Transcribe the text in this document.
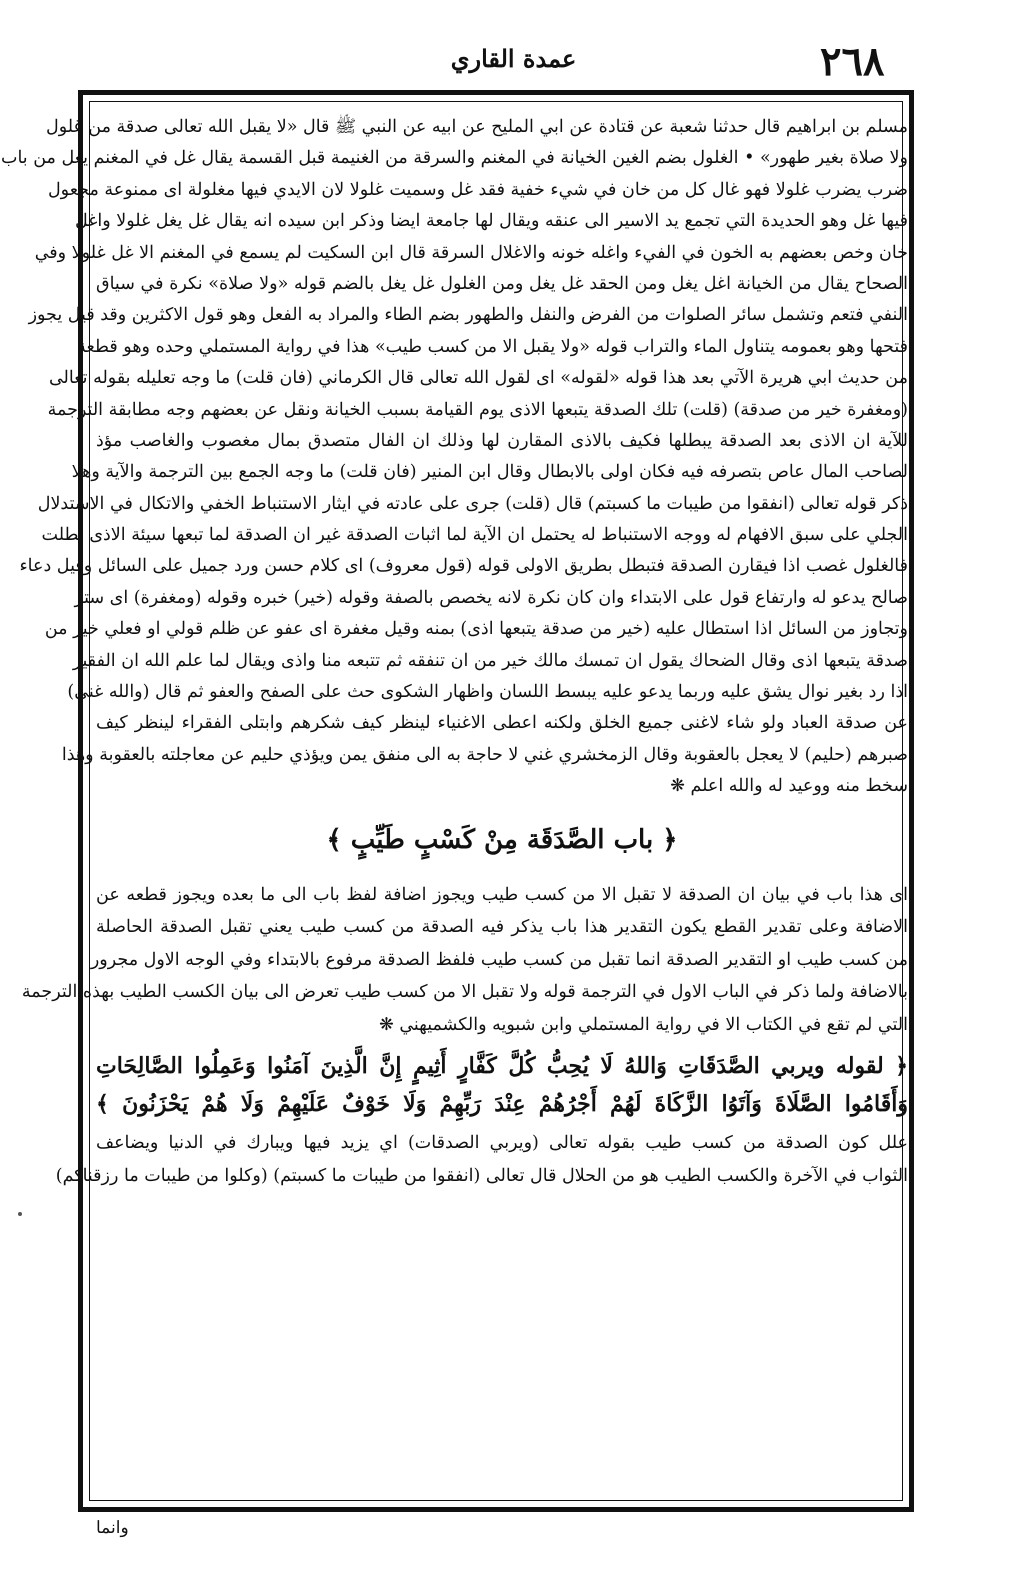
عمدة القاري	٢٦٨
مسلم بن ابراهيم قال حدثنا شعبة عن قتادة عن ابي المليح عن ابيه عن النبي ﷺ قال «لا يقبل الله تعالى صدقة من غلول
ولا صلاة بغير طهور» • الغلول بضم الغين الخيانة في المغنم والسرقة من الغنيمة قبل القسمة يقال غل في المغنم يغل من باب
ضرب يضرب غلولا فهو غال كل من خان في شيء خفية فقد غل وسميت غلولا لان الايدي فيها مغلولة اى ممنوعة مجعول
فيها غل وهو الحديدة التي تجمع يد الاسير الى عنقه ويقال لها جامعة ايضا وذكر ابن سيده انه يقال غل يغل غلولا واغل
خان وخص بعضهم به الخون في الفيء واغله خونه والاغلال السرقة قال ابن السكيت لم يسمع في المغنم الا غل غلولا وفي
الصحاح يقال من الخيانة اغل يغل ومن الحقد غل يغل ومن الغلول غل يغل بالضم قوله «ولا صلاة» نكرة في سياق
النفي فتعم وتشمل سائر الصلوات من الفرض والنفل والطهور بضم الطاء والمراد به الفعل وهو قول الاكثرين وقد قيل يجوز
فتحها وهو بعمومه يتناول الماء والتراب قوله «ولا يقبل الا من كسب طيب» هذا في رواية المستملي وحده وهو قطعة
من حديث ابي هريرة الآتي بعد هذا قوله «لقوله» اى لقول الله تعالى قال الكرماني (فان قلت) ما وجه تعليله بقوله تعالى
(ومغفرة خير من صدقة) (قلت) تلك الصدقة يتبعها الاذى يوم القيامة بسبب الخيانة ونقل عن بعضهم وجه مطابقة الترجمة
للآية ان الاذى بعد الصدقة يبطلها فكيف بالاذى المقارن لها وذلك ان الفال متصدق بمال مغصوب والغاصب مؤذ
لصاحب المال عاص بتصرفه فيه فكان اولى بالابطال وقال ابن المنير (فان قلت) ما وجه الجمع بين الترجمة والآية وهلا
ذكر قوله تعالى (انفقوا من طيبات ما كسبتم) قال (قلت) جرى على عادته في ايثار الاستنباط الخفي والاتكال في الاستدلال
الجلي على سبق الافهام له ووجه الاستنباط له يحتمل ان الآية لما اثبات الصدقة غير ان الصدقة لما تبعها سيئة الاذى بطلت
فالغلول غصب اذا فيقارن الصدقة فتبطل بطريق الاولى قوله (قول معروف) اى كلام حسن ورد جميل على السائل وقيل دعاء
صالح يدعو له وارتفاع قول على الابتداء وان كان نكرة لانه يخصص بالصفة وقوله (خير) خبره وقوله (ومغفرة) اى ستر
وتجاوز من السائل اذا استطال عليه (خير من صدقة يتبعها اذى) بمنه وقيل مغفرة اى عفو عن ظلم قولي او فعلي خير من
صدقة يتبعها اذى وقال الضحاك يقول ان تمسك مالك خير من ان تنفقه ثم تتبعه منا واذى ويقال لما علم الله ان الفقير
اذا رد بغير نوال يشق عليه وربما يدعو عليه يبسط اللسان واظهار الشكوى حث على الصفح والعفو ثم قال (والله غني)
عن صدقة العباد ولو شاء لاغنى جميع الخلق ولكنه اعطى الاغنياء لينظر كيف شكرهم وابتلى الفقراء لينظر كيف
صبرهم (حليم) لا يعجل بالعقوبة وقال الزمخشري غني لا حاجة به الى منفق يمن ويؤذي حليم عن معاجلته بالعقوبة وهذا
سخط منه ووعيد له والله اعلم ❋
﴿ باب الصَّدَقَة مِنْ كَسْبٍ طَيِّبٍ ﴾
اى هذا باب في بيان ان الصدقة لا تقبل الا من كسب طيب ويجوز اضافة لفظ باب الى ما بعده ويجوز قطعه عن
الاضافة وعلى تقدير القطع يكون التقدير هذا باب يذكر فيه الصدقة من كسب طيب يعني تقبل الصدقة الحاصلة
من كسب طيب او التقدير الصدقة انما تقبل من كسب طيب فلفظ الصدقة مرفوع بالابتداء وفي الوجه الاول مجرور
بالاضافة ولما ذكر في الباب الاول في الترجمة قوله ولا تقبل الا من كسب طيب تعرض الى بيان الكسب الطيب بهذه الترجمة
التي لم تقع في الكتاب الا في رواية المستملي وابن شبويه والكشميهني ❋
﴿ لقوله ويربي الصَّدَقَاتِ وَاللهُ لَا يُحِبُّ كُلَّ كَفَّارٍ أَثِيمٍ إِنَّ الَّذِينَ آمَنُوا وَعَمِلُوا الصَّالِحَاتِ
وَأَقَامُوا الصَّلَاةَ وَآتَوُا الزَّكَاةَ لَهُمْ أَجْرُهُمْ عِنْدَ رَبِّهِمْ وَلَا خَوْفٌ عَلَيْهِمْ وَلَا هُمْ يَحْزَنُونَ ﴾
علل كون الصدقة من كسب طيب بقوله تعالى (ويربي الصدقات) اي يزيد فيها ويبارك في الدنيا ويضاعف
الثواب في الآخرة والكسب الطيب هو من الحلال قال تعالى (انفقوا من طيبات ما كسبتم) (وكلوا من طيبات ما رزقناكم)
وانما
